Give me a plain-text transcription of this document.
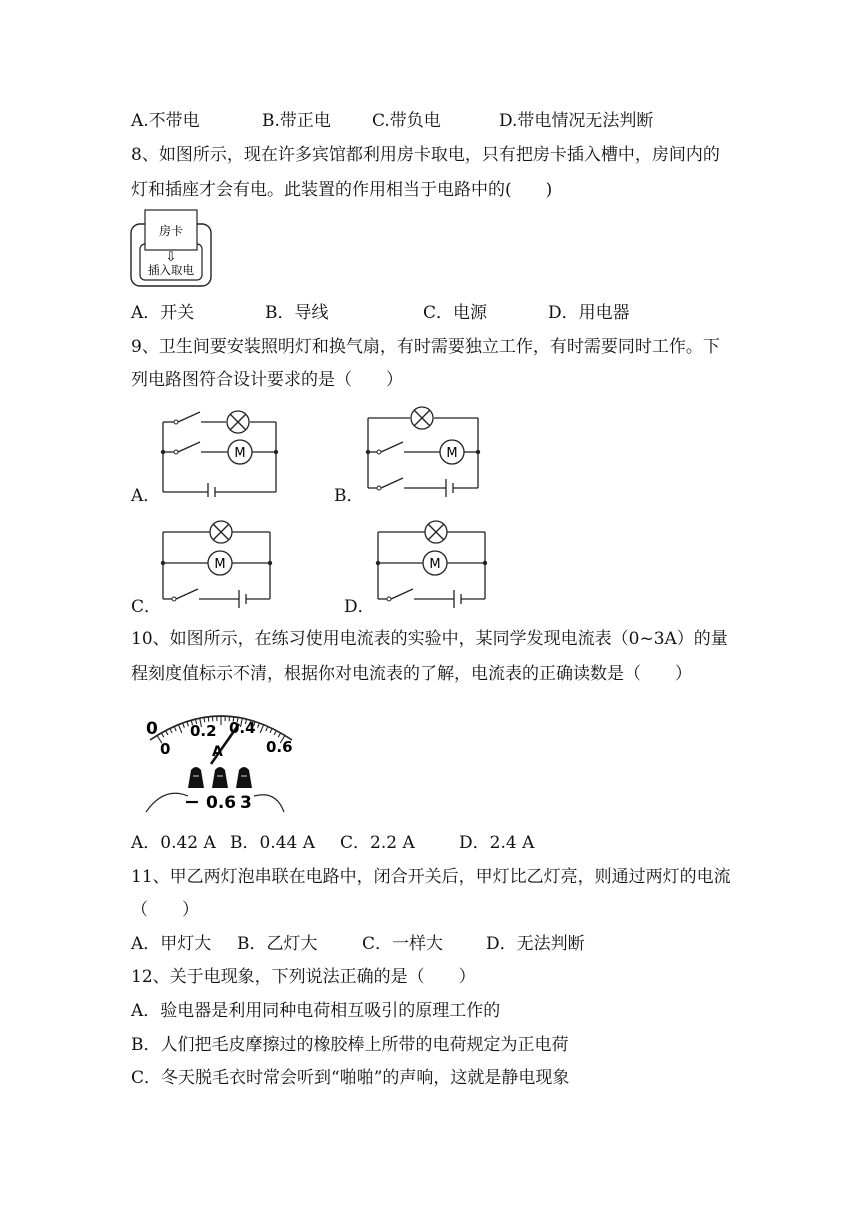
A.不带电	B.带正电 C.带负电	D.带电情况无法判断
8、如图所示，现在许多宾馆都利用房卡取电，只有把房卡插入槽中，房间内的
灯和插座才会有电。此装置的作用相当于电路中的(　　)
房卡
⇩
插入取电
A．开关	B．导线	C．电源	D．用电器
9、卫生间要安装照明灯和换气扇，有时需要独立工作，有时需要同时工作。下
列电路图符合设计要求的是（　　）
A．
M
B．
M
C．
M
D．
M
10、如图所示，在练习使用电流表的实验中，某同学发现电流表（0~3A）的量
程刻度值标示不清，根据你对电流表的了解，电流表的正确读数是（　　）
0
0
0.2 0.4
0.6
A
− 0.6 3
A．0.42 A B．0.44 A C．2.2 A	D．2.4 A
11、甲乙两灯泡串联在电路中，闭合开关后，甲灯比乙灯亮，则通过两灯的电流
（　　）
A．甲灯大 B．乙灯大	C．一样大	D．无法判断
12、关于电现象，下列说法正确的是（　　）
A．验电器是利用同种电荷相互吸引的原理工作的
B．人们把毛皮摩擦过的橡胶棒上所带的电荷规定为正电荷
C．冬天脱毛衣时常会听到“啪啪”的声响，这就是静电现象
